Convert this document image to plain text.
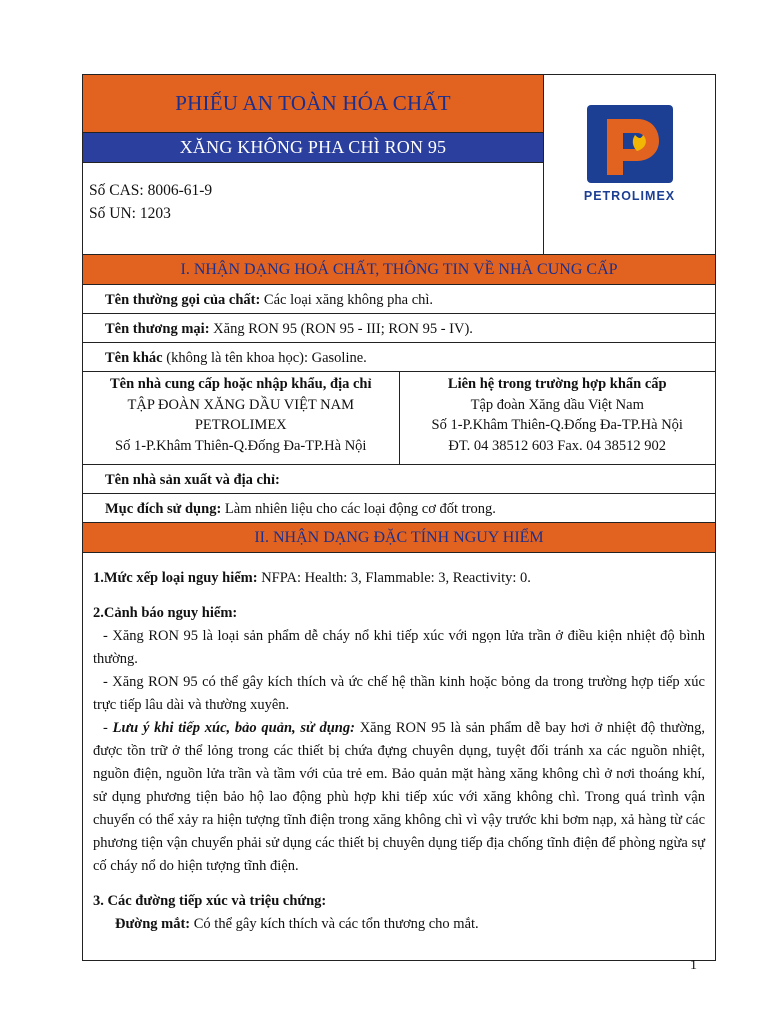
PHIẾU AN TOÀN HÓA CHẤT
XĂNG KHÔNG PHA CHÌ RON 95
Số CAS: 8006-61-9
Số UN: 1203
PETROLIMEX
I. NHẬN DẠNG HOÁ CHẤT, THÔNG TIN VỀ NHÀ CUNG CẤP
Tên thường gọi của chất: Các loại xăng không pha chì.
Tên thương mại: Xăng RON 95 (RON 95 - III; RON 95 - IV).
Tên khác (không là tên khoa học): Gasoline.
Tên nhà cung cấp hoặc nhập khẩu, địa chỉ
TẬP ĐOÀN XĂNG DẦU VIỆT NAM
PETROLIMEX
Số 1-P.Khâm Thiên-Q.Đống Đa-TP.Hà Nội
Liên hệ trong trường hợp khẩn cấp
Tập đoàn Xăng dầu Việt Nam
Số 1-P.Khâm Thiên-Q.Đống Đa-TP.Hà Nội
ĐT. 04 38512 603 Fax. 04 38512 902
Tên nhà sản xuất và địa chỉ:
Mục đích sử dụng: Làm nhiên liệu cho các loại động cơ đốt trong.
II. NHẬN DẠNG ĐẶC TÍNH NGUY HIỂM

1.Mức xếp loại nguy hiểm: NFPA: Health: 3, Flammable: 3, Reactivity: 0.

2.Cảnh báo nguy hiểm:

- Xăng RON 95 là loại sản phẩm dễ cháy nổ khi tiếp xúc với ngọn lửa trần ở điều kiện nhiệt độ bình thường.

- Xăng RON 95 có thể gây kích thích và ức chế hệ thần kinh hoặc bỏng da trong trường hợp tiếp xúc trực tiếp lâu dài và thường xuyên.

- Lưu ý khi tiếp xúc, bảo quản, sử dụng: Xăng RON 95 là sản phẩm dễ bay hơi ở nhiệt độ thường, được tồn trữ ở thể lỏng trong các thiết bị chứa đựng chuyên dụng, tuyệt đối tránh xa các nguồn nhiệt, nguồn điện, nguồn lửa trần và tầm với của trẻ em. Bảo quản mặt hàng xăng không chì ở nơi thoáng khí, sử dụng phương tiện bảo hộ lao động phù hợp khi tiếp xúc với xăng không chì. Trong quá trình vận chuyển có thể xảy ra hiện tượng tĩnh điện trong xăng không chì vì vậy trước khi bơm nạp, xả hàng từ các phương tiện vận chuyển phải sử dụng các thiết bị chuyên dụng tiếp địa chống tĩnh điện để phòng ngừa sự cố cháy nổ do hiện tượng tĩnh điện.

3. Các đường tiếp xúc và triệu chứng:

Đường mắt: Có thể gây kích thích và các tổn thương cho mắt.

1
